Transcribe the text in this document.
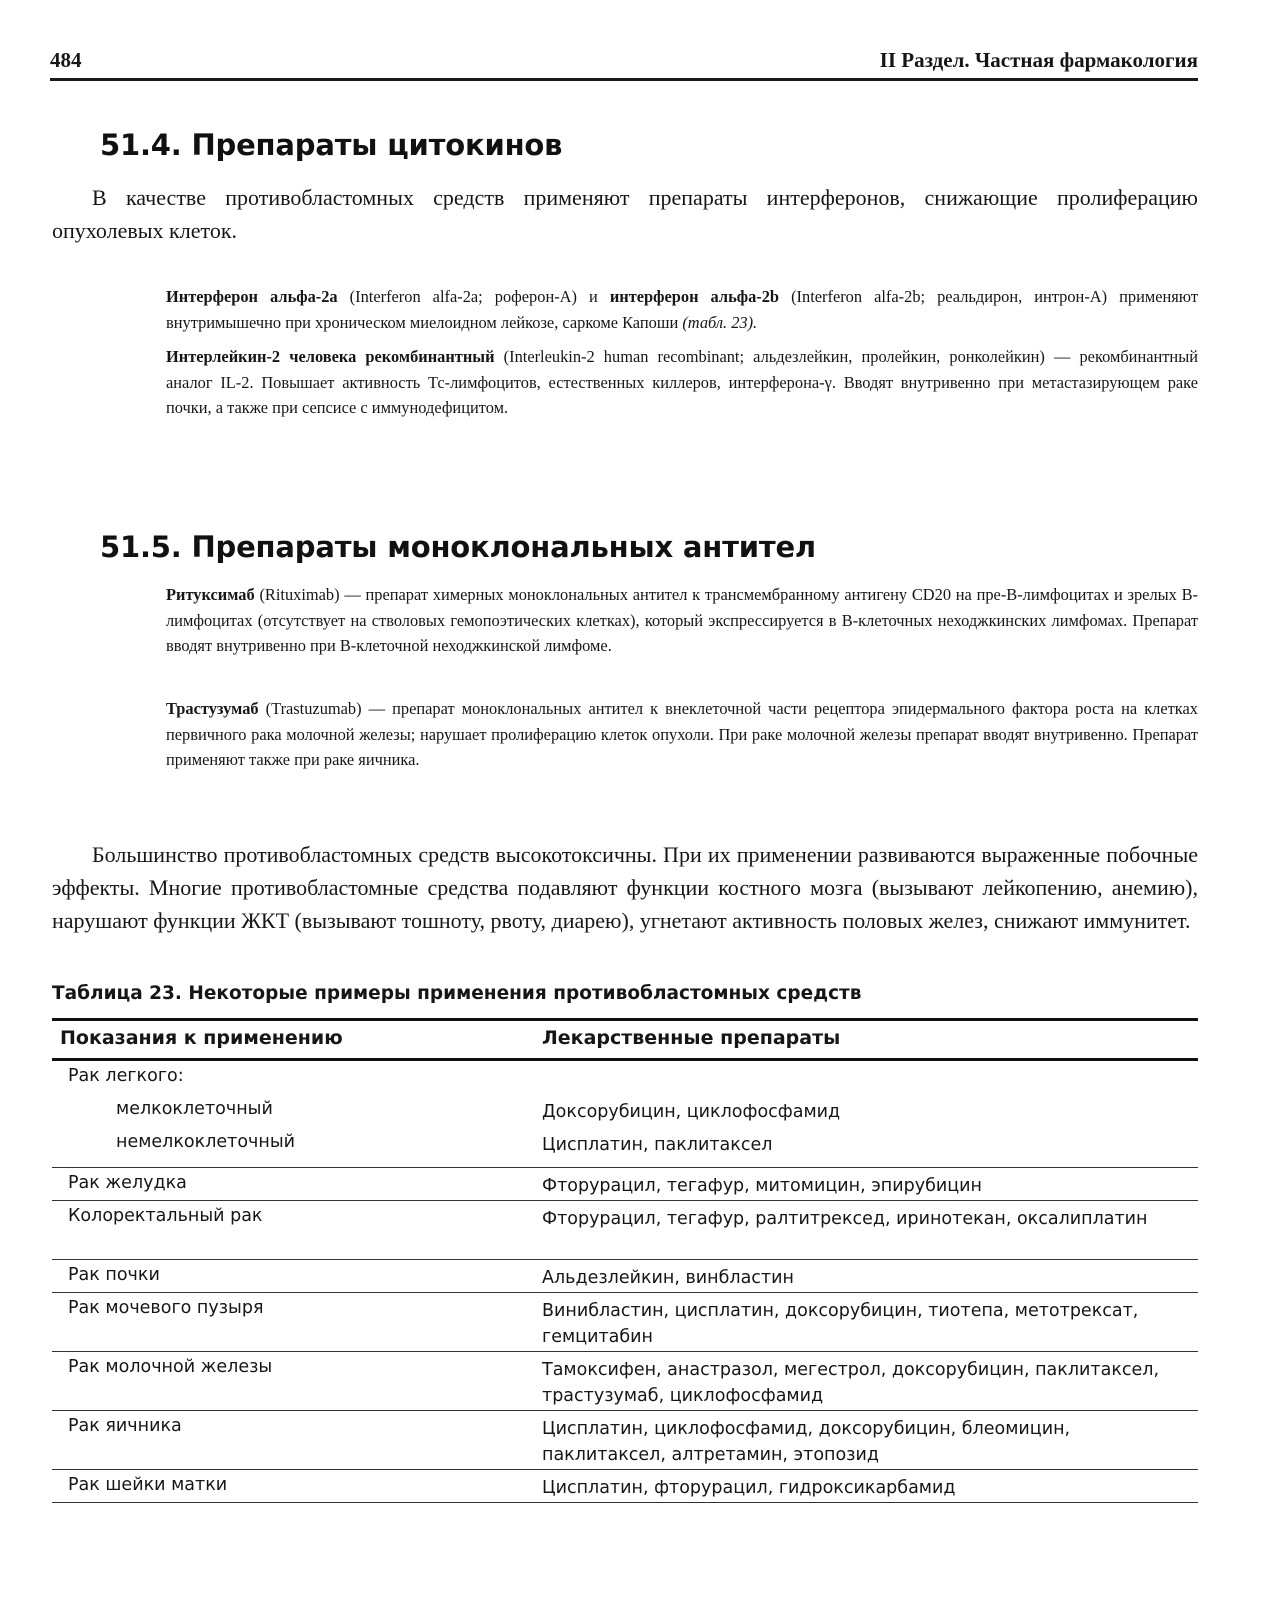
484	II Раздел. Частная фармакология
51.4. Препараты цитокинов
В качестве противобластомных средств применяют препараты интерферонов, снижающие пролиферацию опухолевых клеток.
Интерферон альфа-2а (Interferon alfa-2a; роферон-А) и интерферон альфа-2b (Interferon alfa-2b; реальдирон, интрон-А) применяют внутримышечно при хроническом миелоидном лейкозе, саркоме Капоши (табл. 23).
Интерлейкин-2 человека рекомбинантный (Interleukin-2 human recombinant; альдезлейкин, пролейкин, ронколейкин) — рекомбинантный аналог IL-2. Повышает активность Тс-лимфоцитов, естественных киллеров, интерферона-γ. Вводят внутривенно при метастазирующем раке почки, а также при сепсисе с иммунодефицитом.
51.5. Препараты моноклональных антител
Ритуксимаб (Rituximab) — препарат химерных моноклональных антител к трансмембранному антигену CD20 на пре-В-лимфоцитах и зрелых В-лимфоцитах (отсутствует на стволовых гемопоэтических клетках), который экспрессируется в В-клеточных неходжкинских лимфомах. Препарат вводят внутривенно при В-клеточной неходжкинской лимфоме.
Трастузумаб (Trastuzumab) — препарат моноклональных антител к внеклеточной части рецептора эпидермального фактора роста на клетках первичного рака молочной железы; нарушает пролиферацию клеток опухоли. При раке молочной железы препарат вводят внутривенно. Препарат применяют также при раке яичника.
Большинство противобластомных средств высокотоксичны. При их применении развиваются выраженные побочные эффекты. Многие противобластомные средства подавляют функции костного мозга (вызывают лейкопению, анемию), нарушают функции ЖКТ (вызывают тошноту, рвоту, диарею), угнетают активность половых желез, снижают иммунитет.
Таблица 23. Некоторые примеры применения противобластомных средств
Показания к применению	Лекарственные препараты
Рак легкого:
мелкоклеточный	Доксорубицин, циклофосфамид
немелкоклеточный	Цисплатин, паклитаксел
Рак желудка	Фторурацил, тегафур, митомицин, эпирубицин
Колоректальный рак	Фторурацил, тегафур, ралтитрексед, иринотекан, оксалиплатин
Рак почки	Альдезлейкин, винбластин
Рак мочевого пузыря	Винибластин, цисплатин, доксорубицин, тиотепа, метотрексат, гемцитабин
Рак молочной железы	Тамоксифен, анастразол, мегестрол, доксорубицин, паклитаксел, трастузумаб, циклофосфамид
Рак яичника	Цисплатин, циклофосфамид, доксорубицин, блеомицин, паклитаксел, алтретамин, этопозид
Рак шейки матки	Цисплатин, фторурацил, гидроксикарбамид
